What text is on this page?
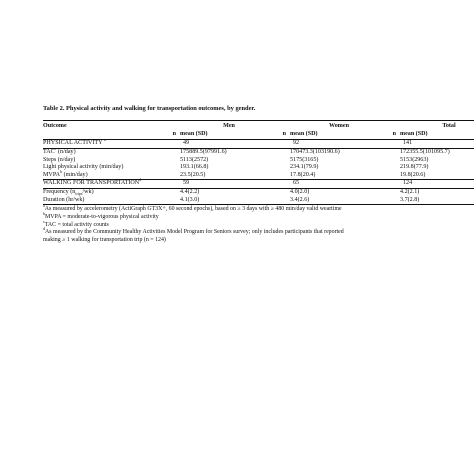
Table 2. Physical activity and walking for transportation outcomes, by gender.

Outcome		Men		Women		Total
	n	mean (SD)	n	mean (SD)	n	mean (SD)
PHYSICAL ACTIVITY $^a$		49		92		141
TAC$^c$ (n/day)		175889.5(97991.6)		170473.3(103190.6)		172355.5(101095.7)
Steps (n/day)		5113(2572)		5175(3165)		5153(2963)
Light physical activity (min/day)		193.1(66.8)		234.1(79.9)		219.8(77.9)
MVPA$^b$ (min/day)		23.5(20.5)		17.8(20.4)		19.8(20.6)
WALKING FOR TRANSPORTATION$^d$		59		65		124
Frequency $(n_{trips}/wk)$		4.4(2.2)		4.0(2.0)		4.2(2.1)
Duration (hr/wk)		4.1(3.0)		3.4(2.6)		3.7(2.8)
$^a$As measured by accelerometry (ActiGraph GT3X+, 60 second epochs), based on ≥ 3 days with ≥ 480 min/day valid weartime
$^b$MVPA = moderate-to-vigorous physical activity
$^c$TAC = total activity counts
$^d$As measured by the Community Healthy Activities Model Program for Seniors survey; only includes participants that reported
making ≥ 1 walking for transportation trip (n = 124)
